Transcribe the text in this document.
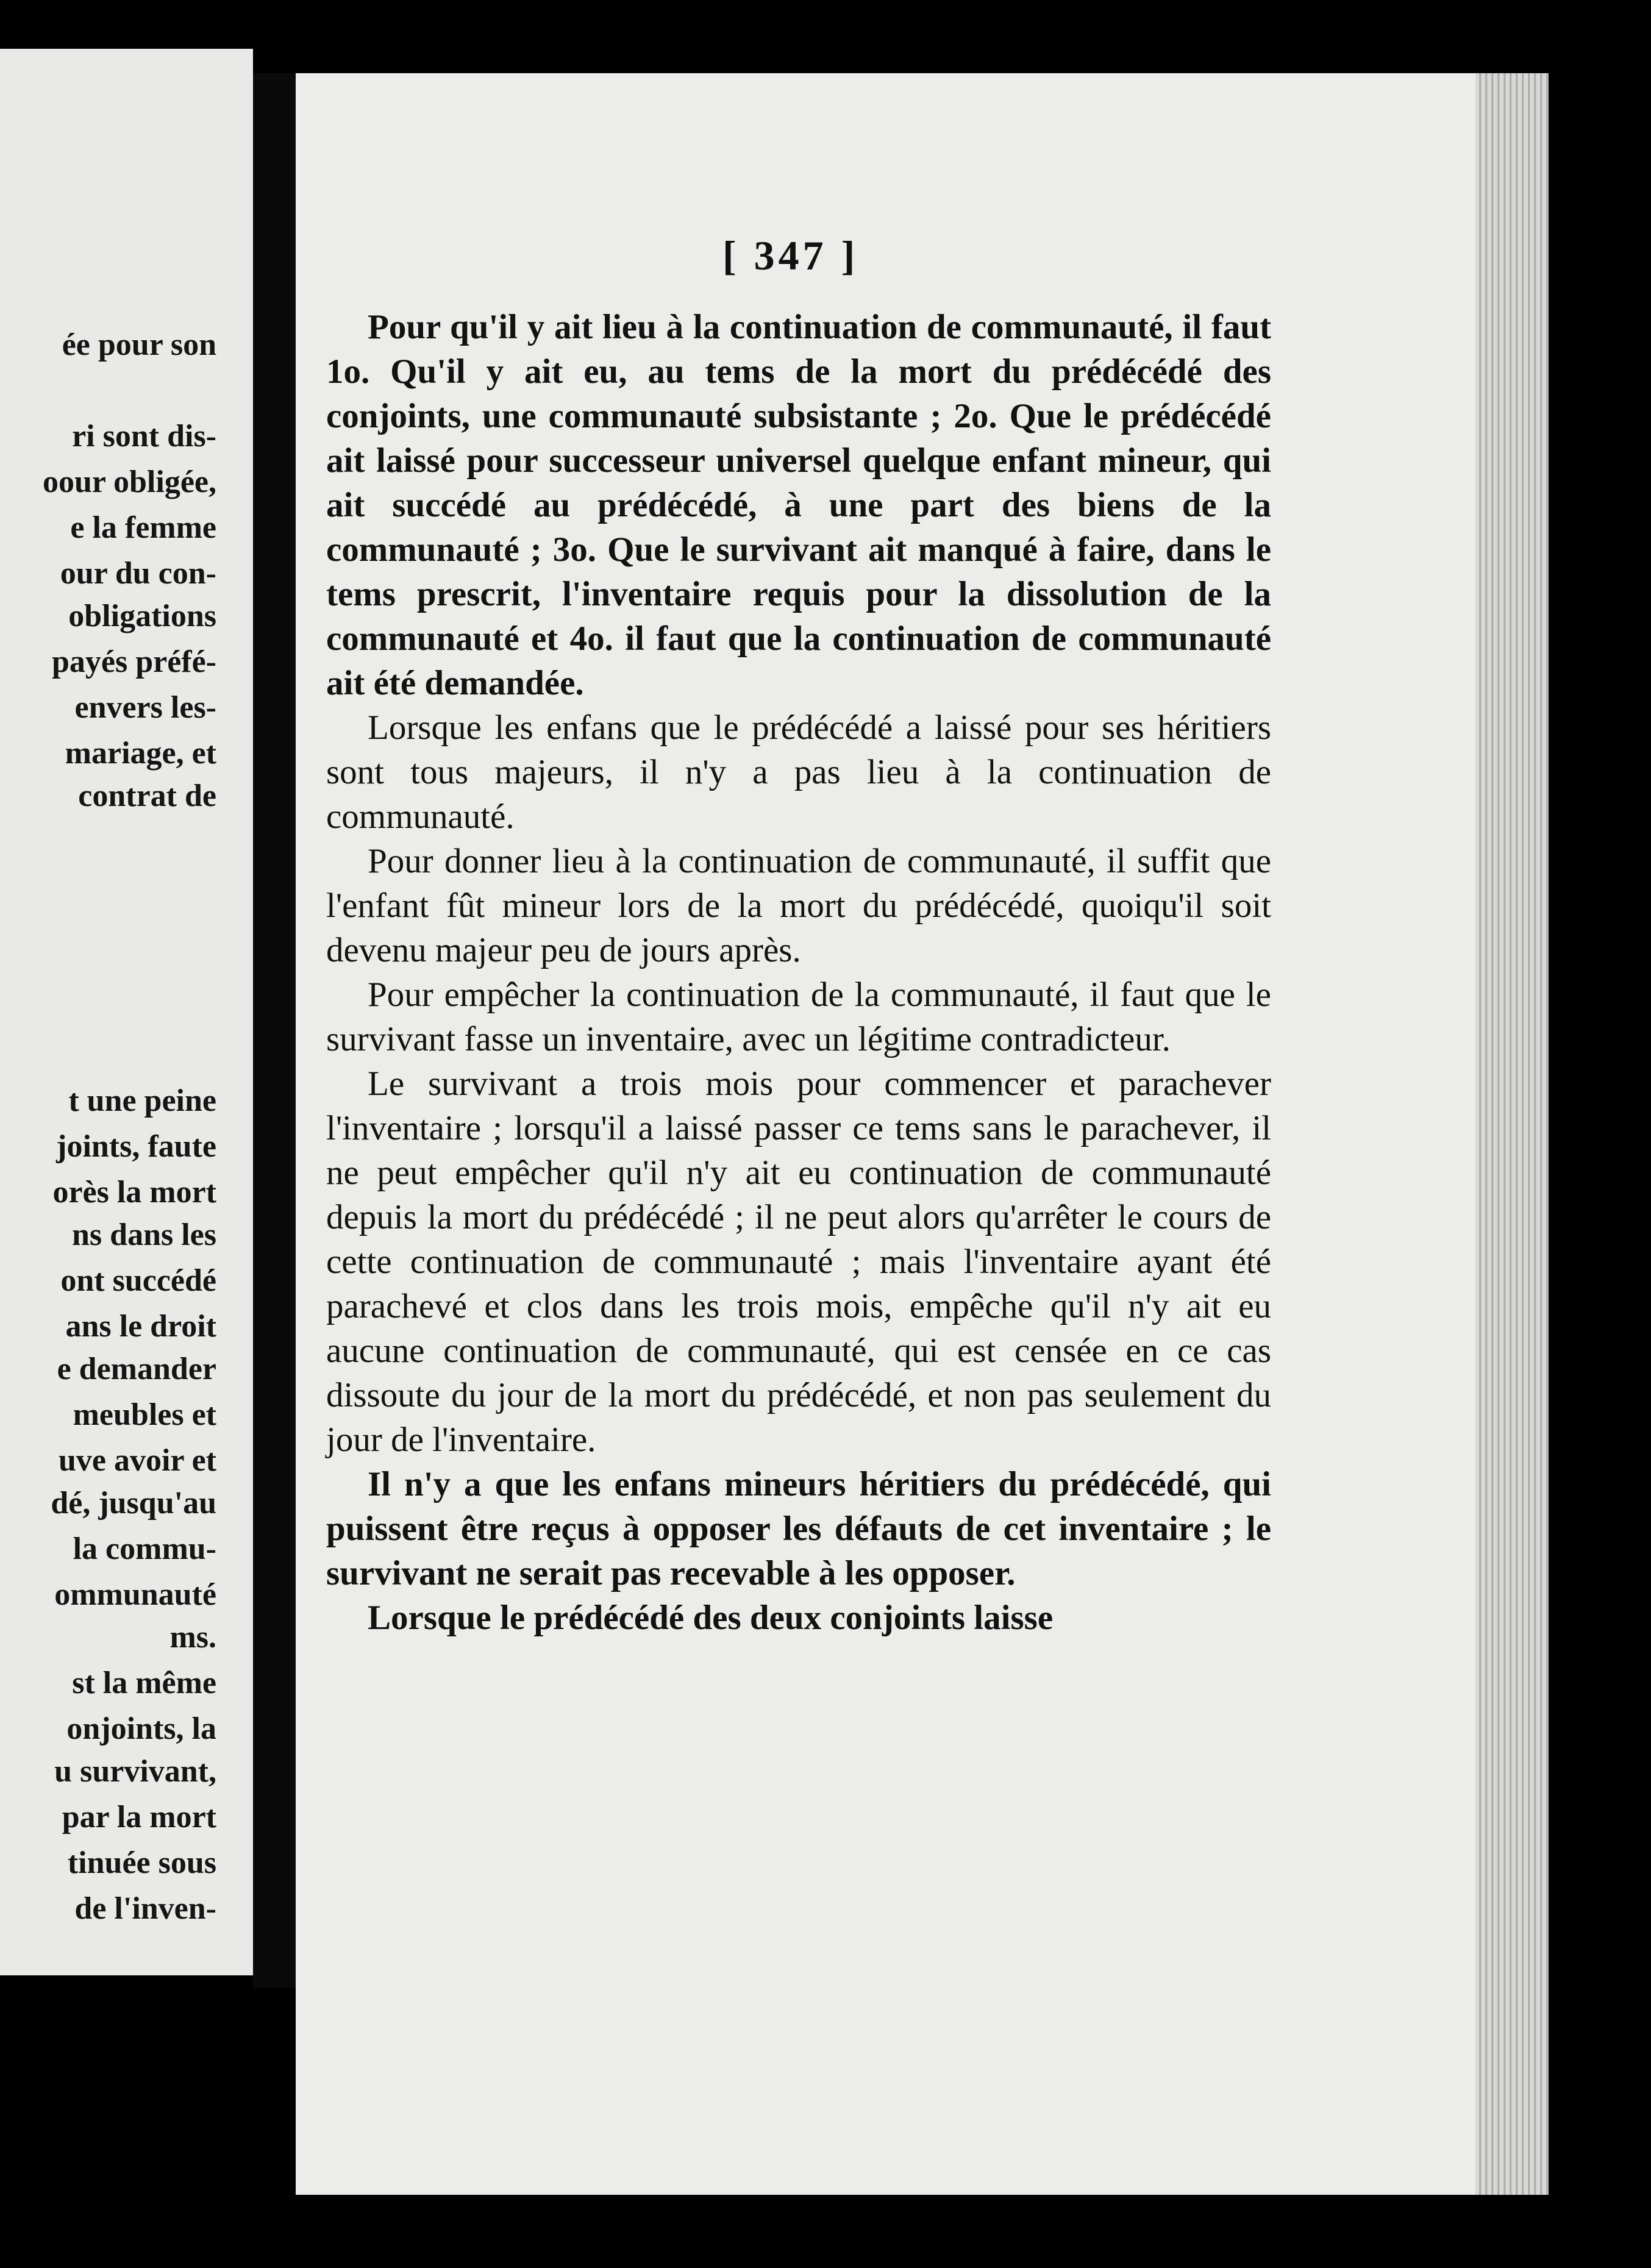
ée pour son
ri sont dis-
oour obligée,
e la femme
our du con-
obligations
payés préfé-
envers les-
mariage, et
contrat de
t une peine
joints, faute
orès la mort
ns dans les
ont succédé
ans le droit
e demander
meubles et
uve avoir et
dé, jusqu'au
la commu-
ommunauté
ms.
st la même
onjoints, la
u survivant,
par la mort
tinuée sous
de l'inven-
[ 347 ]

Pour qu'il y ait lieu à la continuation de communauté, il faut 1o. Qu'il y ait eu, au tems de la mort du prédécédé des conjoints, une communauté subsistante ; 2o. Que le prédécédé ait laissé pour successeur universel quelque enfant mineur, qui ait succédé au prédécédé, à une part des biens de la communauté ; 3o. Que le survivant ait manqué à faire, dans le tems prescrit, l'inventaire requis pour la dissolution de la communauté et 4o. il faut que la continuation de communauté ait été demandée.

Lorsque les enfans que le prédécédé a laissé pour ses héritiers sont tous majeurs, il n'y a pas lieu à la continuation de communauté.

Pour donner lieu à la continuation de communauté, il suffit que l'enfant fût mineur lors de la mort du prédécédé, quoiqu'il soit devenu majeur peu de jours après.

Pour empêcher la continuation de la communauté, il faut que le survivant fasse un inventaire, avec un légitime contradicteur.

Le survivant a trois mois pour commencer et parachever l'inventaire ; lorsqu'il a laissé passer ce tems sans le parachever, il ne peut empêcher qu'il n'y ait eu continuation de communauté depuis la mort du prédécédé ; il ne peut alors qu'arrêter le cours de cette continuation de communauté ; mais l'inventaire ayant été parachevé et clos dans les trois mois, empêche qu'il n'y ait eu aucune continuation de communauté, qui est censée en ce cas dissoute du jour de la mort du prédécédé, et non pas seulement du jour de l'inventaire.

Il n'y a que les enfans mineurs héritiers du prédécédé, qui puissent être reçus à opposer les défauts de cet inventaire ; le survivant ne serait pas recevable à les opposer.

Lorsque le prédécédé des deux conjoints laisse
